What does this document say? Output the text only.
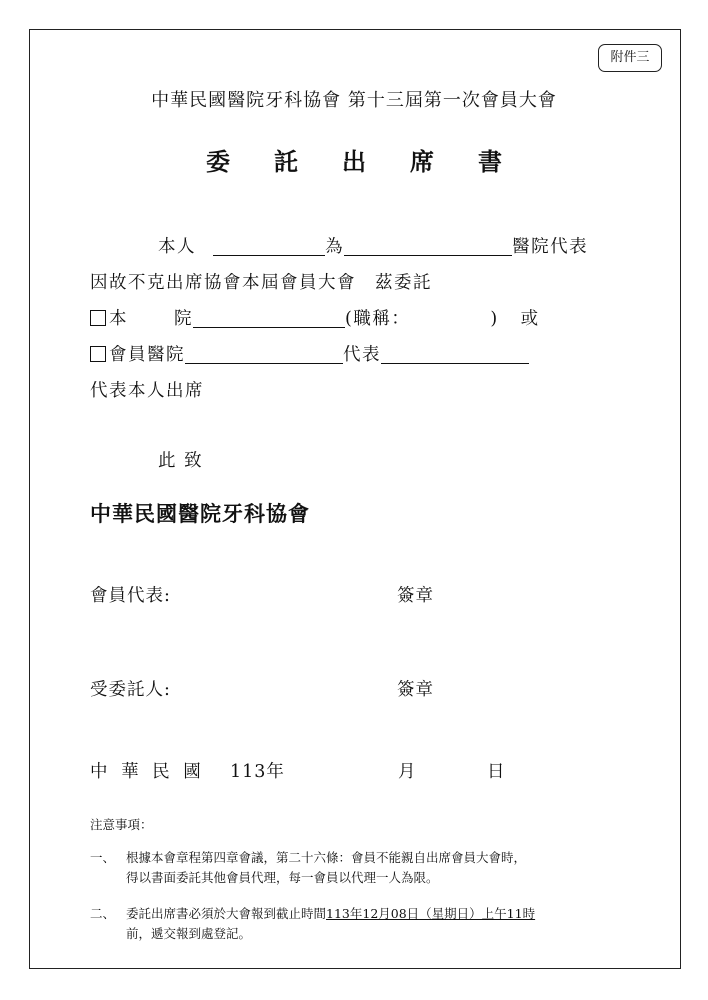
附件三
中華民國醫院牙科協會 第十三屆第一次會員大會
委 託 出 席 書
本人	為	醫院代表
因故不克出席協會本屆會員大會　茲委託
本	院	(職稱：	) 或
會員醫院	代表
代表本人出席
此 致
中華民國醫院牙科協會
會員代表:	簽章
受委託人:	簽章
中 華 民 國 113年	月	日
注意事項：
一、 根據本會章程第四章會議，第二十六條：會員不能親自出席會員大會時，
得以書面委託其他會員代理，每一會員以代理一人為限。
二、 委託出席書必須於大會報到截止時間113年12月08日（星期日）上午11時
前，遞交報到處登記。
